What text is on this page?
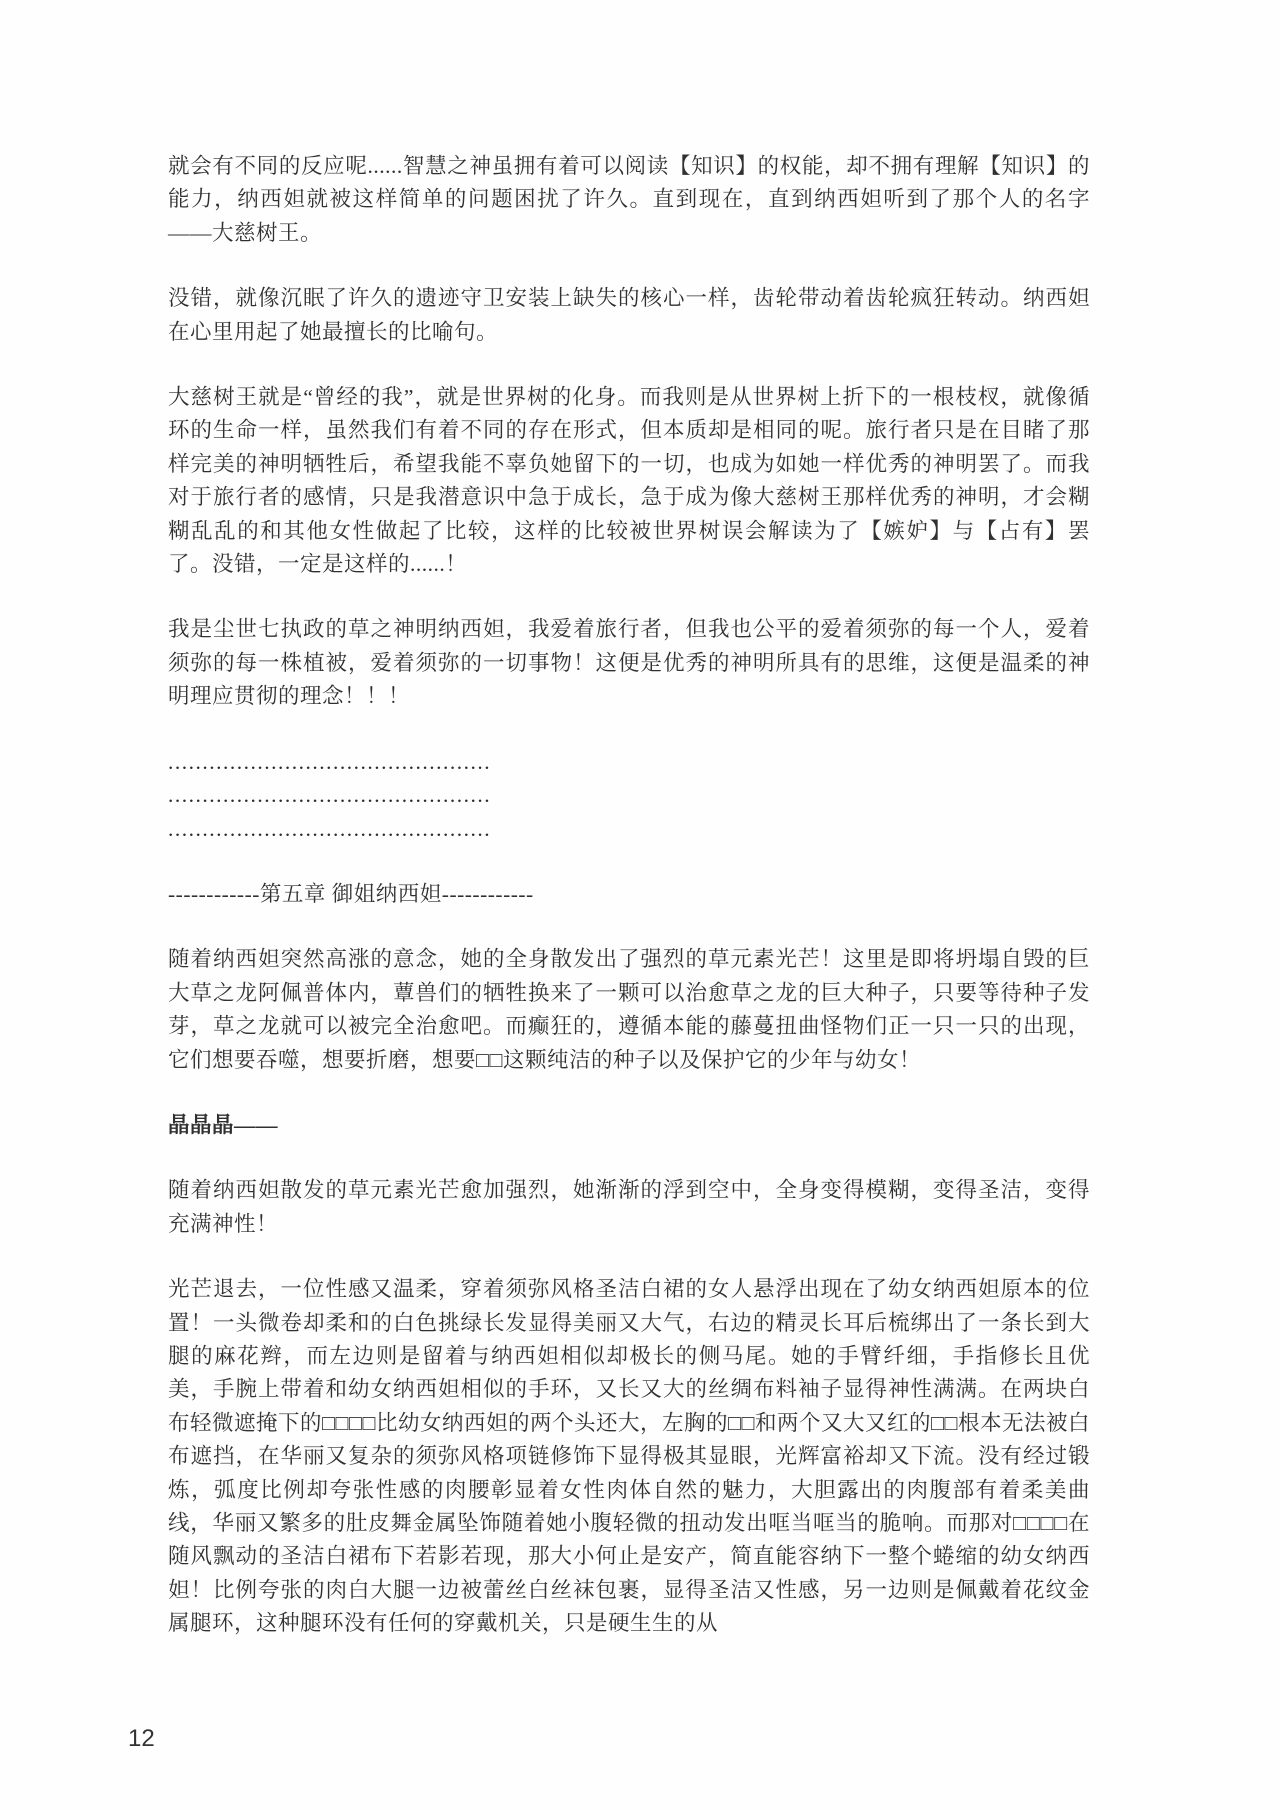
就会有不同的反应呢......智慧之神虽拥有着可以阅读【知识】的权能，却不拥有理解【知识】的能力，纳西妲就被这样简单的问题困扰了许久。直到现在，直到纳西妲听到了那个人的名字——大慈树王。

没错，就像沉眠了许久的遗迹守卫安装上缺失的核心一样，齿轮带动着齿轮疯狂转动。纳西妲在心里用起了她最擅长的比喻句。

大慈树王就是“曾经的我”，就是世界树的化身。而我则是从世界树上折下的一根枝杈，就像循环的生命一样，虽然我们有着不同的存在形式，但本质却是相同的呢。旅行者只是在目睹了那样完美的神明牺牲后，希望我能不辜负她留下的一切，也成为如她一样优秀的神明罢了。而我对于旅行者的感情，只是我潜意识中急于成长，急于成为像大慈树王那样优秀的神明，才会糊糊乱乱的和其他女性做起了比较，这样的比较被世界树误会解读为了【嫉妒】与【占有】罢了。没错，一定是这样的......！

我是尘世七执政的草之神明纳西妲，我爱着旅行者，但我也公平的爱着须弥的每一个人，爱着须弥的每一株植被，爱着须弥的一切事物！这便是优秀的神明所具有的思维，这便是温柔的神明理应贯彻的理念！！！

...............................................

...............................................

...............................................

------------第五章 御姐纳西妲------------

随着纳西妲突然高涨的意念，她的全身散发出了强烈的草元素光芒！这里是即将坍塌自毁的巨大草之龙阿佩普体内，蕈兽们的牺牲换来了一颗可以治愈草之龙的巨大种子，只要等待种子发芽，草之龙就可以被完全治愈吧。而癫狂的，遵循本能的藤蔓扭曲怪物们正一只一只的出现，它们想要吞噬，想要折磨，想要□□这颗纯洁的种子以及保护它的少年与幼女！

晶晶晶——

随着纳西妲散发的草元素光芒愈加强烈，她渐渐的浮到空中，全身变得模糊，变得圣洁，变得充满神性！

光芒退去，一位性感又温柔，穿着须弥风格圣洁白裙的女人悬浮出现在了幼女纳西妲原本的位置！一头微卷却柔和的白色挑绿长发显得美丽又大气，右边的精灵长耳后梳绑出了一条长到大腿的麻花辫，而左边则是留着与纳西妲相似却极长的侧马尾。她的手臂纤细，手指修长且优美，手腕上带着和幼女纳西妲相似的手环，又长又大的丝绸布料袖子显得神性满满。在两块白布轻微遮掩下的□□□□比幼女纳西妲的两个头还大，左胸的□□和两个又大又红的□□根本无法被白布遮挡，在华丽又复杂的须弥风格项链修饰下显得极其显眼，光辉富裕却又下流。没有经过锻炼，弧度比例却夸张性感的肉腰彰显着女性肉体自然的魅力，大胆露出的肉腹部有着柔美曲线，华丽又繁多的肚皮舞金属坠饰随着她小腹轻微的扭动发出哐当哐当的脆响。而那对□□□□在随风飘动的圣洁白裙布下若影若现，那大小何止是安产，简直能容纳下一整个蜷缩的幼女纳西妲！比例夸张的肉白大腿一边被蕾丝白丝袜包裹，显得圣洁又性感，另一边则是佩戴着花纹金属腿环，这种腿环没有任何的穿戴机关，只是硬生生的从

12
